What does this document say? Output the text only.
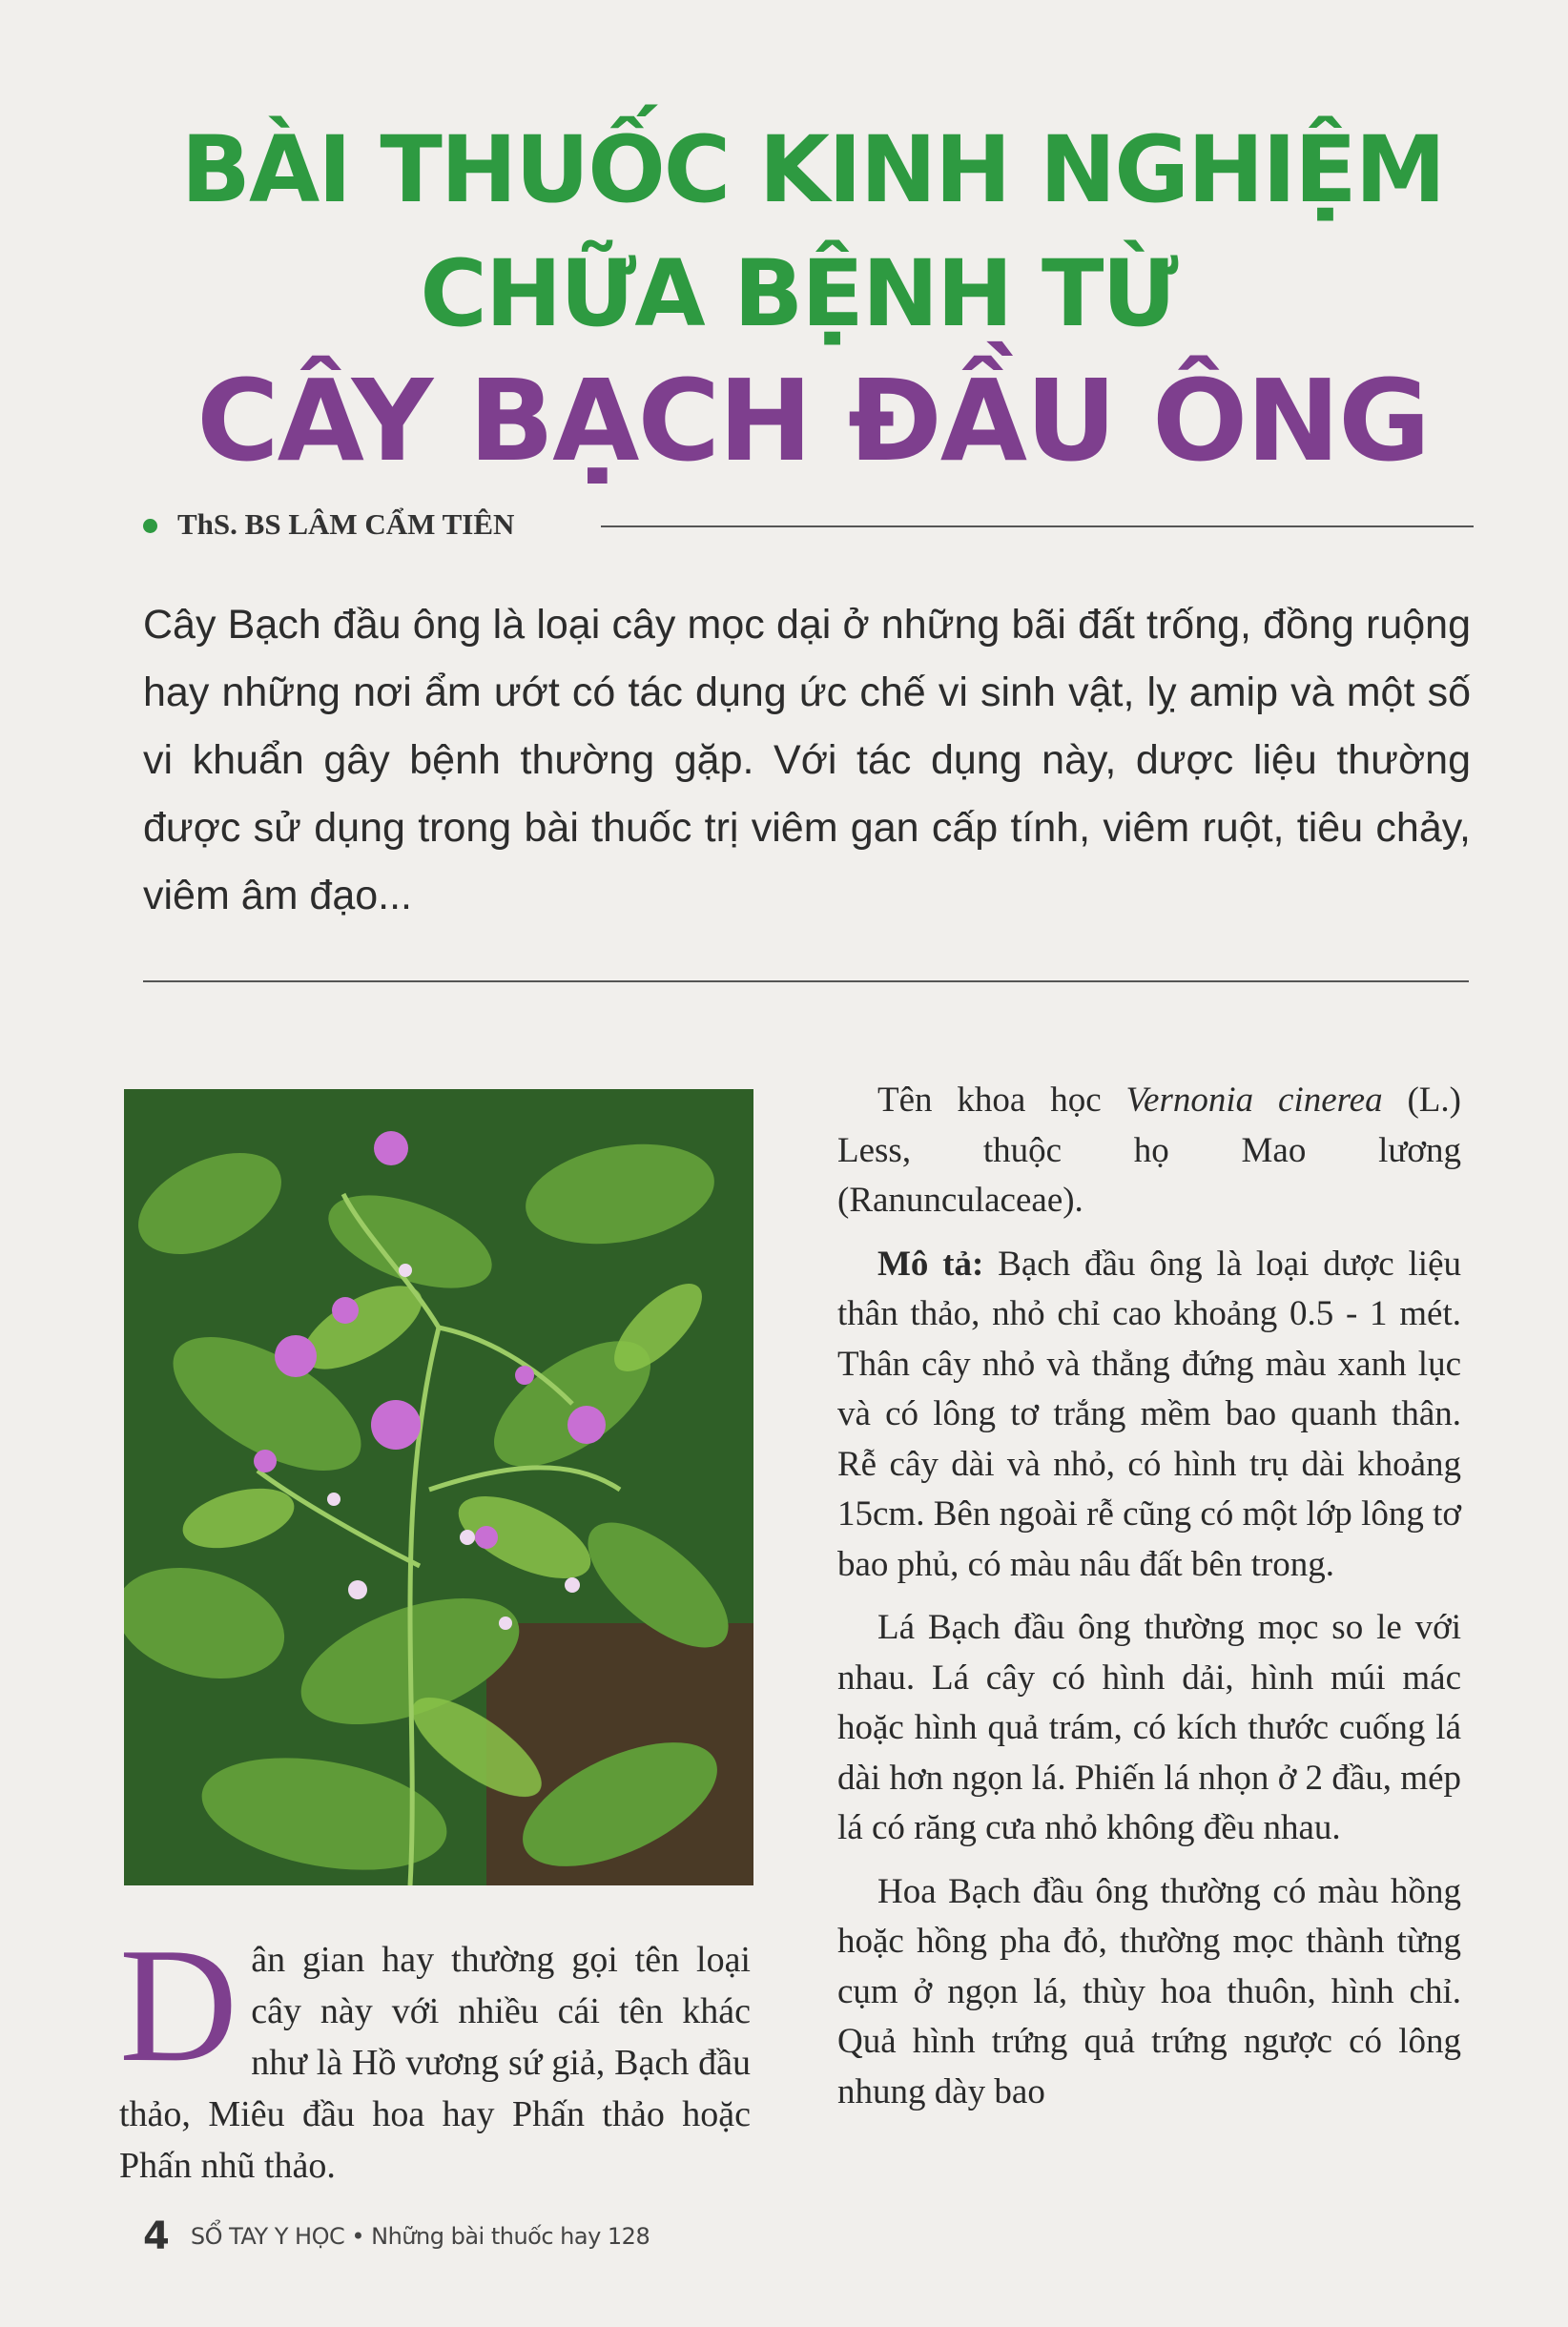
BÀI THUỐC KINH NGHIỆM
CHỮA BỆNH TỪ
CÂY BẠCH ĐẦU ÔNG
ThS. BS LÂM CẨM TIÊN

Cây Bạch đầu ông là loại cây mọc dại ở những bãi đất trống, đồng ruộng hay những nơi ẩm ướt có tác dụng ức chế vi sinh vật, lỵ amip và một số vi khuẩn gây bệnh thường gặp. Với tác dụng này, dược liệu thường được sử dụng trong bài thuốc trị viêm gan cấp tính, viêm ruột, tiêu chảy, viêm âm đạo...

Dân gian hay thường gọi tên loại cây này với nhiều cái tên khác như là Hồ vương sứ giả, Bạch đầu thảo, Miêu đầu hoa hay Phấn thảo hoặc Phấn nhũ thảo.

Tên khoa học Vernonia cinerea (L.) Less, thuộc họ Mao lương (Ranunculaceae).

Mô tả: Bạch đầu ông là loại dược liệu thân thảo, nhỏ chỉ cao khoảng 0.5 - 1 mét. Thân cây nhỏ và thẳng đứng màu xanh lục và có lông tơ trắng mềm bao quanh thân. Rễ cây dài và nhỏ, có hình trụ dài khoảng 15cm. Bên ngoài rễ cũng có một lớp lông tơ bao phủ, có màu nâu đất bên trong.

Lá Bạch đầu ông thường mọc so le với nhau. Lá cây có hình dải, hình múi mác hoặc hình quả trám, có kích thước cuống lá dài hơn ngọn lá. Phiến lá nhọn ở 2 đầu, mép lá có răng cưa nhỏ không đều nhau.

Hoa Bạch đầu ông thường có màu hồng hoặc hồng pha đỏ, thường mọc thành từng cụm ở ngọn lá, thùy hoa thuôn, hình chỉ. Quả hình trứng quả trứng ngược có lông nhung dày bao

4 SỔ TAY Y HỌC • Những bài thuốc hay 128
